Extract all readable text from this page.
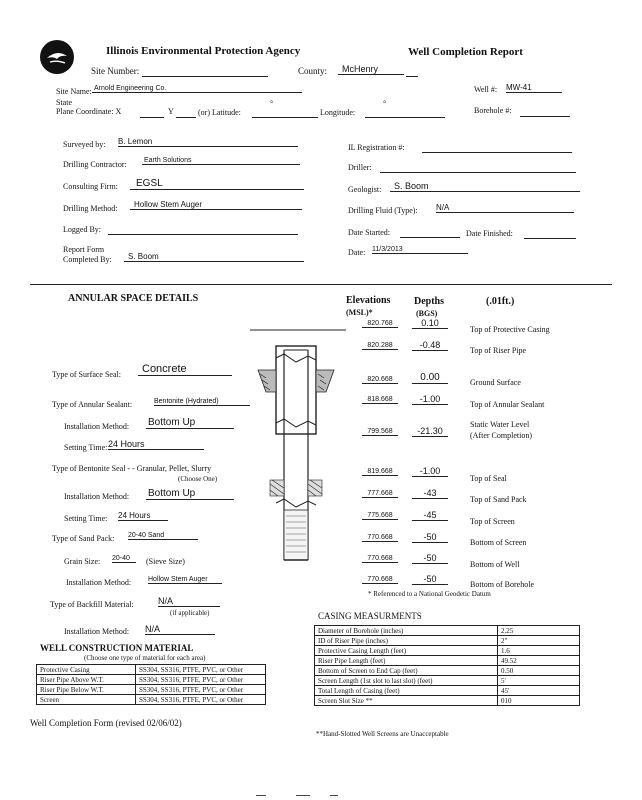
Illinois Environmental Protection Agency	Well Completion Report
Site Number:	County:	McHenry
Site Name: Arnold Engineering Co.	Well #: MW-41
State
Plane Coordinate: X	Y	(or) Latitude:
°
Longitude:
°
Borehole #:
Surveyed by: B. Lemon
IL Registration #:
Drilling Contractor: Earth Solutions
Driller:
Consulting Firm:	EGSL
Geologist:	S. Boom
Drilling Method:	Hollow Stem Auger
Drilling Fluid (Type): N/A
Logged By:	Date Started:	Date Finished:
Report Form
Completed By:	S. Boom	Date: 11/3/2013
ANNULAR SPACE DETAILS	Elevations
(MSL)*
Depths
(BGS)
(.01ft.)
820.768	0.10
Top of Protective Casing
820.288	-0.48
Top of Riser Pipe
820.668	0.00	Ground Surface
818.668	-1.00
Top of Annular Sealant
799.568	-21.30
Static Water Level
(After Completion)
819.668	-1.00
Top of Seal
777.668	-43
Top of Sand Pack
775.668	-45
Top of Screen
770.668	-50
Bottom of Screen
770.668	-50
Bottom of Well
770.668	-50
Bottom of Borehole
* Referenced to a National Geodetic Datum
Type of Surface Seal:	Concrete
Type of Annular Sealant:	Bentonite (Hydrated)
Installation Method: Bottom Up
Setting Time: 24 Hours
Type of Bentonite Seal - - Granular, Pellet, Slurry
(Choose One)
Installation Method: Bottom Up
Setting Time: 24 Hours
Type of Sand Pack: 20-40 Sand
Grain Size: 20-40	(Sieve Size)
Installation Method: Hollow Stem Auger
Type of Backfill Material:	N/A
(if applicable)
Installation Method: N/A
WELL CONSTRUCTION MATERIAL
(Choose one type of material for each area)
Protective Casing	SS304, SS316, PTFE, PVC, or Other
Riser Pipe Above W.T.	SS304, SS316, PTFE, PVC, or Other
Riser Pipe Below W.T.	SS304, SS316, PTFE, PVC, or Other
Screen	SS304, SS316, PTFE, PVC, or Other
CASING MEASURMENTS
Diameter of Borehole (inches)	2.25
ID of Riser Pipe (inches)	2"
Protective Casing Length (feet)	1.6
Riser Pipe Length (feet)	49.52
Bottom of Screen to End Cap (feet)	0.50
Screen Length (1st slot to last slot) (feet)	5'
Total Length of Casing (feet)	45'
Screen Slot Size **	010
**Hand-Slotted Well Screens are Unacceptable
Well Completion Form (revised 02/06/02)
